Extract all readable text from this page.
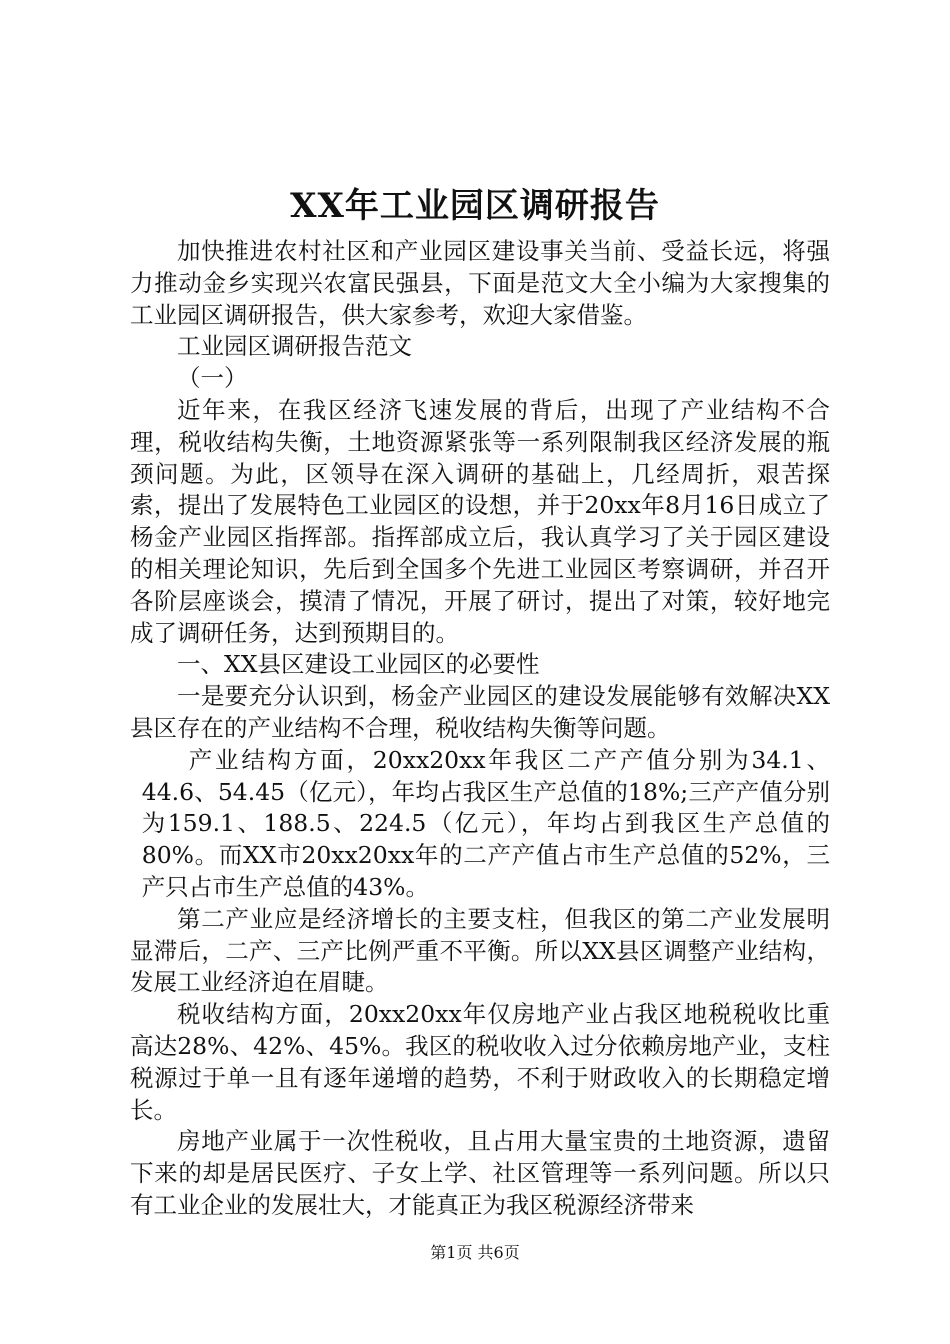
XX年工业园区调研报告

加快推进农村社区和产业园区建设事关当前、受益长远，将强力推动金乡实现兴农富民强县，下面是范文大全小编为大家搜集的工业园区调研报告，供大家参考，欢迎大家借鉴。

工业园区调研报告范文

（一）

近年来，在我区经济飞速发展的背后，出现了产业结构不合理，税收结构失衡，土地资源紧张等一系列限制我区经济发展的瓶颈问题。为此，区领导在深入调研的基础上，几经周折，艰苦探索，提出了发展特色工业园区的设想，并于20xx年8月16日成立了杨金产业园区指挥部。指挥部成立后，我认真学习了关于园区建设的相关理论知识，先后到全国多个先进工业园区考察调研，并召开各阶层座谈会，摸清了情况，开展了研讨，提出了对策，较好地完成了调研任务，达到预期目的。

一、XX县区建设工业园区的必要性

一是要充分认识到，杨金产业园区的建设发展能够有效解决XX县区存在的产业结构不合理，税收结构失衡等问题。

产业结构方面，20xx20xx年我区二产产值分别为34.1、44.6、54.45（亿元），年均占我区生产总值的18%;三产产值分别为159.1、188.5、224.5（亿元），年均占到我区生产总值的80%。而XX市20xx20xx年的二产产值占市生产总值的52%，三产只占市生产总值的43%。

第二产业应是经济增长的主要支柱，但我区的第二产业发展明显滞后，二产、三产比例严重不平衡。所以XX县区调整产业结构，发展工业经济迫在眉睫。

税收结构方面，20xx20xx年仅房地产业占我区地税税收比重高达28%、42%、45%。我区的税收收入过分依赖房地产业，支柱税源过于单一且有逐年递增的趋势，不利于财政收入的长期稳定增长。

房地产业属于一次性税收，且占用大量宝贵的土地资源，遗留下来的却是居民医疗、子女上学、社区管理等一系列问题。所以只有工业企业的发展壮大，才能真正为我区税源经济带来

第1页 共6页
